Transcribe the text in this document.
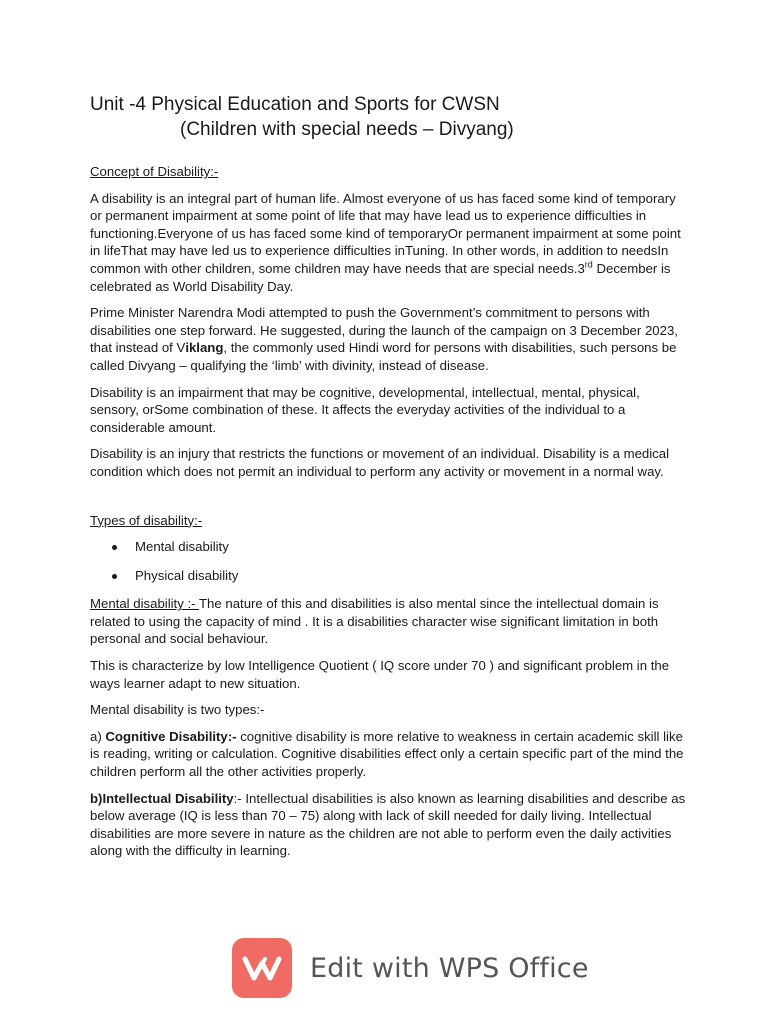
Unit -4 Physical Education and Sports for CWSN

(Children with special needs – Divyang)

Concept of Disability:-

A disability is an integral part of human life. Almost everyone of us has faced some kind of temporary or permanent impairment at some point of life that may have lead us to experience difficulties in functioning.Everyone of us has faced some kind of temporaryOr permanent impairment at some point in lifeThat may have led us to experience difficulties inTuning. In other words, in addition to needsIn common with other children, some children may have needs that are special needs.3rd December is celebrated as World Disability Day.

Prime Minister Narendra Modi attempted to push the Government’s commitment to persons with disabilities one step forward. He suggested, during the launch of the campaign on 3 December 2023, that instead of Viklang, the commonly used Hindi word for persons with disabilities, such persons be called Divyang – qualifying the ‘limb’ with divinity, instead of disease.

Disability is an impairment that may be cognitive, developmental, intellectual, mental, physical, sensory, orSome combination of these. It affects the everyday activities of the individual to a considerable amount.

Disability is an injury that restricts the functions or movement of an individual. Disability is a medical condition which does not permit an individual to perform any activity or movement in a normal way.

Types of disability:-

Mental disability
Physical disability

Mental disability :- The nature of this and disabilities is also mental since the intellectual domain is related to using the capacity of mind . It is a disabilities character wise significant limitation in both personal and social behaviour.

This is characterize by low Intelligence Quotient ( IQ score under 70 ) and significant problem in the ways learner adapt to new situation.

Mental disability is two types:-

a) Cognitive Disability:- cognitive disability is more relative to weakness in certain academic skill like is reading, writing or calculation. Cognitive disabilities effect only a certain specific part of the mind the children perform all the other activities properly.

b)Intellectual Disability:- Intellectual disabilities is also known as learning disabilities and describe as below average (IQ is less than 70 – 75) along with lack of skill needed for daily living. Intellectual disabilities are more severe in nature as the children are not able to perform even the daily activities along with the difficulty in learning.

Edit with WPS Office
